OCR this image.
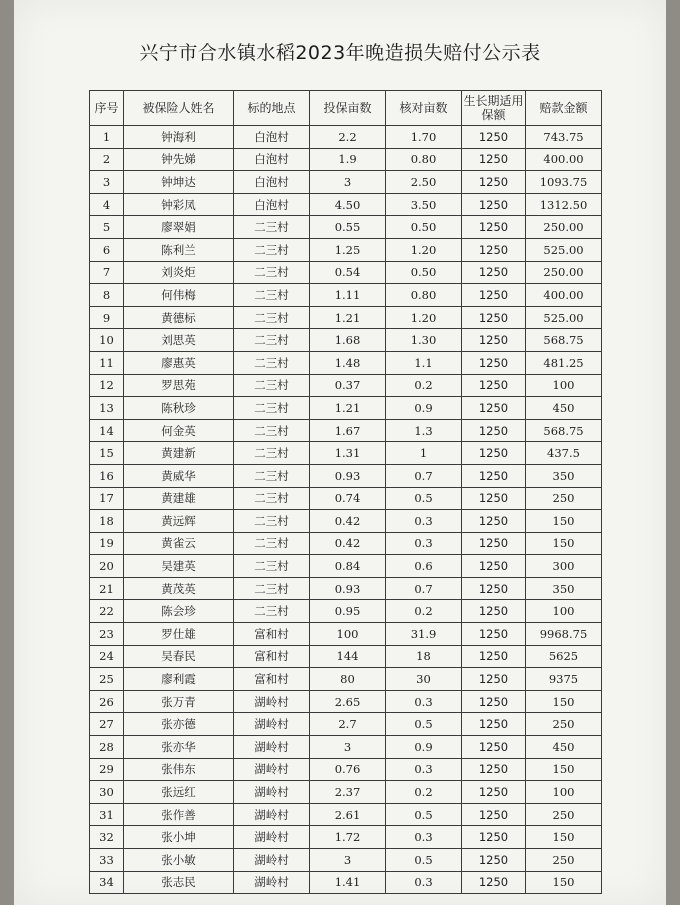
兴宁市合水镇水稻2023年晚造损失赔付公示表
序号	被保险人姓名	标的地点	投保亩数	核对亩数	生长期适用保额	赔款金额
1	钟海利	白泡村	2.2	1.70	1250	743.75
2	钟先娣	白泡村	1.9	0.80	1250	400.00
3	钟坤达	白泡村	3	2.50	1250	1093.75
4	钟彩凤	白泡村	4.50	3.50	1250	1312.50
5	廖翠娟	二三村	0.55	0.50	1250	250.00
6	陈利兰	二三村	1.25	1.20	1250	525.00
7	刘炎炬	二三村	0.54	0.50	1250	250.00
8	何伟梅	二三村	1.11	0.80	1250	400.00
9	黄德标	二三村	1.21	1.20	1250	525.00
10	刘思英	二三村	1.68	1.30	1250	568.75
11	廖惠英	二三村	1.48	1.1	1250	481.25
12	罗思苑	二三村	0.37	0.2	1250	100
13	陈秋珍	二三村	1.21	0.9	1250	450
14	何金英	二三村	1.67	1.3	1250	568.75
15	黄建新	二三村	1.31	1	1250	437.5
16	黄威华	二三村	0.93	0.7	1250	350
17	黄建雄	二三村	0.74	0.5	1250	250
18	黄远辉	二三村	0.42	0.3	1250	150
19	黄雀云	二三村	0.42	0.3	1250	150
20	吴建英	二三村	0.84	0.6	1250	300
21	黄茂英	二三村	0.93	0.7	1250	350
22	陈会珍	二三村	0.95	0.2	1250	100
23	罗仕雄	富和村	100	31.9	1250	9968.75
24	吴春民	富和村	144	18	1250	5625
25	廖利霞	富和村	80	30	1250	9375
26	张万青	湖岭村	2.65	0.3	1250	150
27	张亦德	湖岭村	2.7	0.5	1250	250
28	张亦华	湖岭村	3	0.9	1250	450
29	张伟东	湖岭村	0.76	0.3	1250	150
30	张远红	湖岭村	2.37	0.2	1250	100
31	张作善	湖岭村	2.61	0.5	1250	250
32	张小坤	湖岭村	1.72	0.3	1250	150
33	张小敏	湖岭村	3	0.5	1250	250
34	张志民	湖岭村	1.41	0.3	1250	150
